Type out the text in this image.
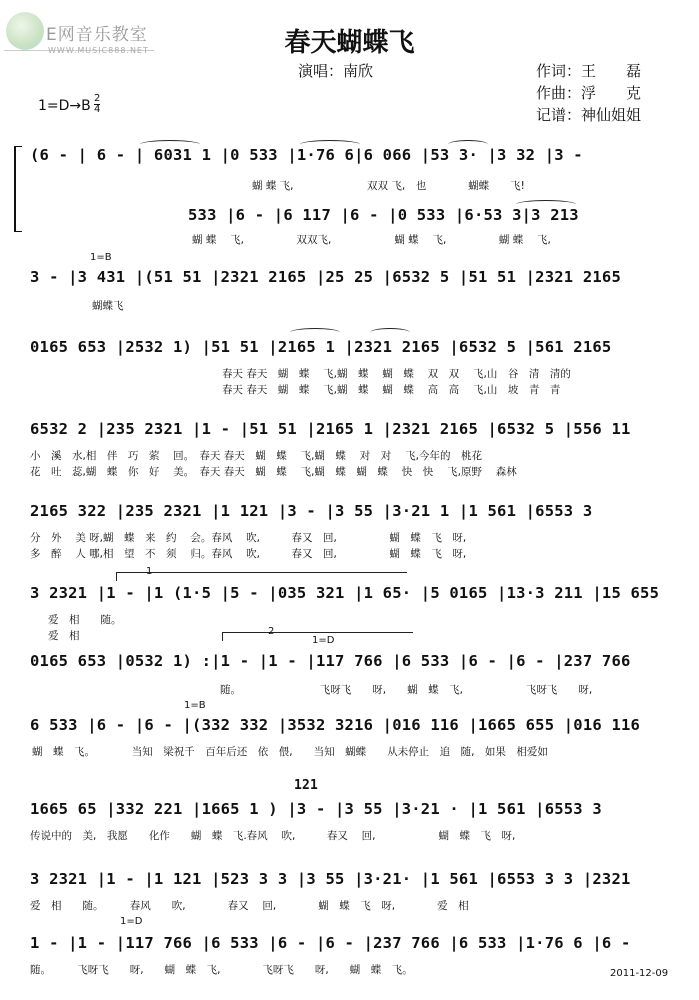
E网音乐教室
WWW.MUSIC888.NET	春天蝴蝶飞
演唱：南欣	作词：王　　磊
作曲：浮　　克
记谱：神仙姐姐
1=D→B 2
4
1=B
1=D
1=B
1=D
1
2
121
(6 - | 6 - | 6031 1 |0 533 |1·76 6|6 066 |53 3· |3 32 |3 -
蝴 蝶 飞,　　　　　　　双双 飞,　也　　　　蝴蝶　　飞!
533 |6 - |6 117 |6 - |0 533 |6·53 3|3 213
蝴 蝶　 飞,　　　　　双双飞,　　　　　　蝴 蝶　 飞,　　　　　蝴 蝶　 飞,
3 - |3 431 |(51 51 |2321 2165 |25 25 |6532 5 |51 51 |2321 2165
蝴蝶飞
0165 653 |2532 1) |51 51 |2165 1 |2321 2165 |6532 5 |561 2165
春天 春天　蝴　蝶　 飞,蝴　蝶　 蝴　蝶　 双　双　 飞,山　谷　清　清的
春天 春天　蝴　蝶　 飞,蝴　蝶　 蝴　蝶　 高　高　 飞,山　坡　青　青
6532 2 |235 2321 |1 - |51 51 |2165 1 |2321 2165 |6532 5 |556 11
小　溪　水,相　伴　巧　萦　 回。　春天 春天　蝴　蝶　 飞,蝴　蝶　 对　对　 飞,今年的　桃花
花　吐　蕊,蝴　蝶　你　好　 美。　春天 春天　蝴　蝶　 飞,蝴　蝶　蝴　蝶　 快　快　 飞,原野　 森林
2165 322 |235 2321 |1 121 |3 - |3 55 |3·21 1 |1 561 |6553 3
分　外　 美 呀,蝴　蝶　来　约　 会。春风　 吹,　　　春又　回,　　　　　蝴　蝶　飞　呀,
多　醉　 人 哪,相　望　不　须　 归。春风　 吹,　　　春又　回,　　　　　蝴　蝶　飞　呀,
3 2321 |1 - |1 (1·5 |5 - |035 321 |1 65· |5 0165 |13·3 211 |15 655
爱　相　　随。
爱　相
0165 653 |0532 1) :|1 - |1 - |117 766 |6 533 |6 - |6 - |237 766
随。　　　　　　　　飞呀飞　　呀,　　蝴　蝶　飞,　　　　　　飞呀飞　　呀,
6 533 |6 - |6 - |(332 332 |3532 3216 |016 116 |1665 655 |016 116
蝴　蝶　飞。　　　　当知　梁祝千　百年后还　依　偎,　　当知　蝴蝶　　从未停止　追　随,　如果　相爱如
1665 65 |332 221 |1665 1 ) |3 - |3 55 |3·21 · |1 561 |6553 3
传说中的　美,　我愿　　化作　　蝴　蝶　飞.春风　 吹,　　　春又　 回,　　　　　　蝴　蝶　飞　呀,
3 2321 |1 - |1 121 |523 3 3 |3 55 |3·21· |1 561 |6553 3 3 |2321
爱　相　　随。　　　春风　　吹,　　　　春又　 回,　　　　蝴　蝶　飞　呀,　　　　爱　相
1 - |1 - |117 766 |6 533 |6 - |6 - |237 766 |6 533 |1·76 6 |6 -
随。　　　飞呀飞　　呀,　　蝴　蝶　飞,　　　　飞呀飞　　呀,　　蝴　蝶　飞。	2011-12-09
